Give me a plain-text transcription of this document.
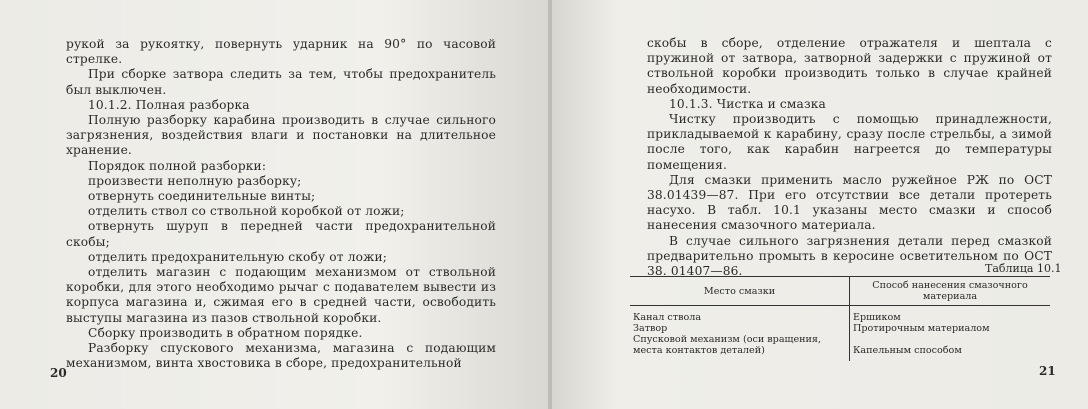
рукой за рукоятку, повернуть ударник на 90° по часовой стрелке.

При сборке затвора следить за тем, чтобы предохранитель был выключен.

10.1.2. Полная разборка

Полную разборку карабина производить в случае сильного загрязнения, воздействия влаги и постановки на длительное хранение.

Порядок полной разборки:

произвести неполную разборку;

отвернуть соединительные винты;

отделить ствол со ствольной коробкой от ложи;

отвернуть шуруп в передней части предохранительной скобы;

отделить предохранительную скобу от ложи;

отделить магазин с подающим механизмом от ствольной коробки, для этого необходимо рычаг с подавателем вывести из корпуса магазина и, сжимая его в средней части, освободить выступы магазина из пазов ствольной коробки.

Сборку производить в обратном порядке.

Разборку спускового механизма, магазина с подающим механизмом, винта хвостовика в сборе, предохранительной

20

скобы в сборе, отделение отражателя и шептала с пружиной от затвора, затворной задержки с пружиной от ствольной коробки производить только в случае крайней необходимости.

10.1.3. Чистка и смазка

Чистку производить с помощью принадлежности, прикладываемой к карабину, сразу после стрельбы, а зимой после того, как карабин нагреется до температуры помещения.

Для смазки применить масло ружейное РЖ по ОСТ 38.01439—87. При его отсутствии все детали протереть насухо. В табл. 10.1 указаны место смазки и способ нанесения смазочного материала.

В случае сильного загрязнения детали перед смазкой предварительно промыть в керосине осветительном по ОСТ 38. 01407—86.	Таблица 10.1
Место смазки	Способ нанесения смазочного материала
Канал ствола	Ершиком
Затвор	Протирочным материалом
Спусковой механизм (оси вращения, места контактов деталей)	Капельным способом
21
